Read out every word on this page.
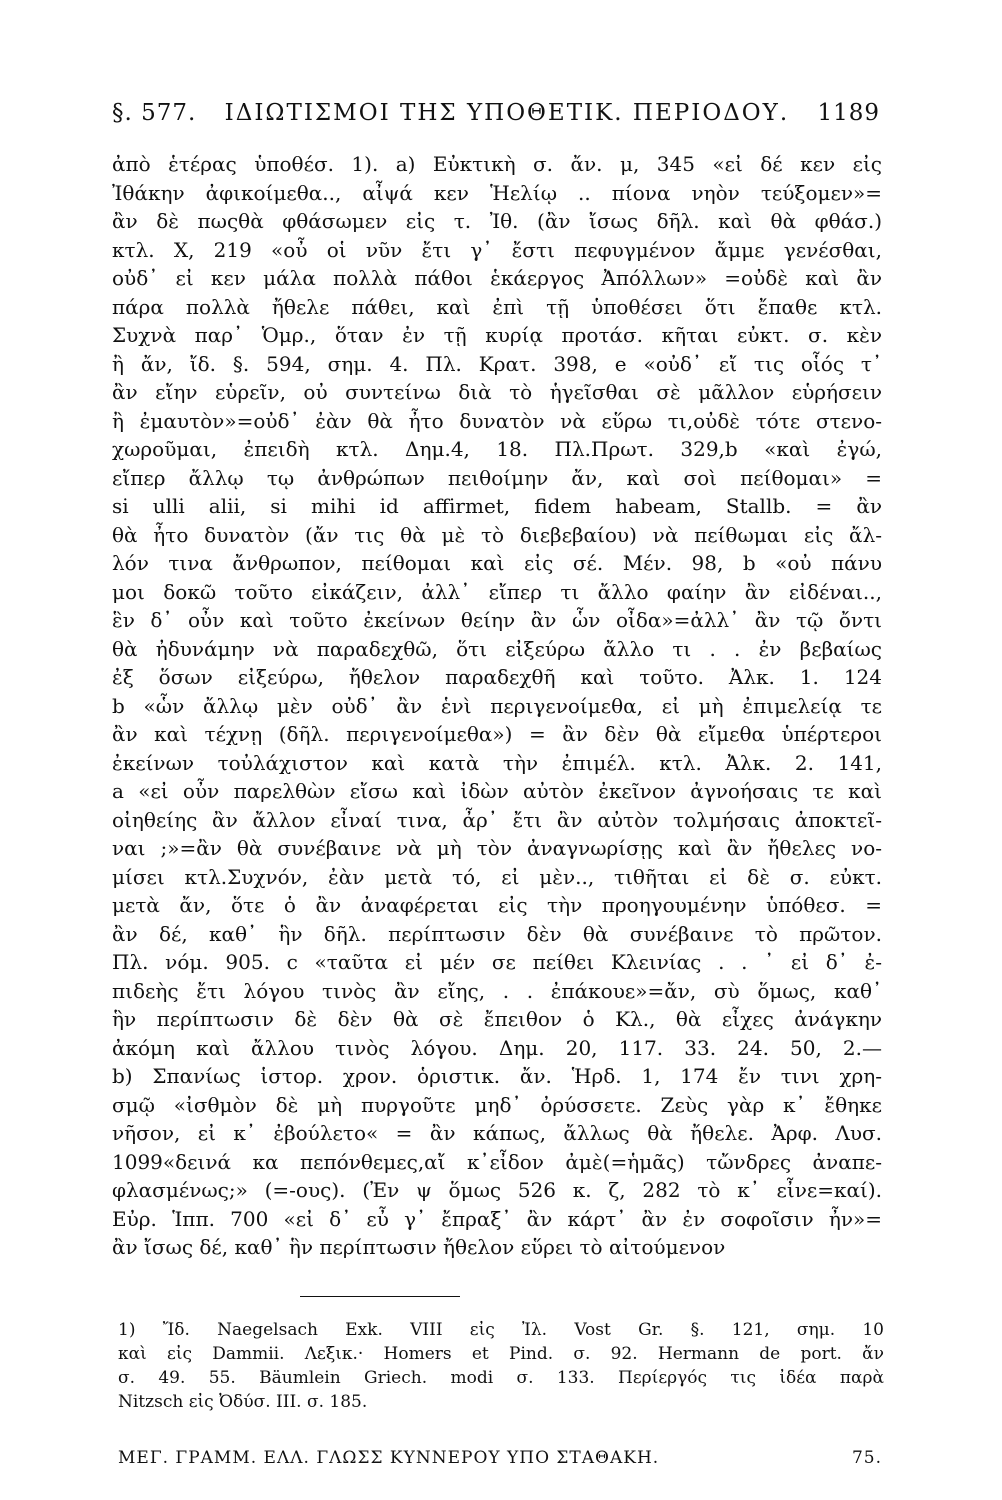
§. 577. ΙΔΙΩΤΙΣΜΟΙ ΤΗΣ ΥΠΟΘΕΤΙΚ. ΠΕΡΙΟΔΟΥ. 1189
ἀπὸ ἑτέρας ὑποθέσ. 1). a) Εὐκτικὴ σ. ἄν. μ, 345 «εἰ δέ κεν εἰς
Ἰθάκην ἀφικοίμεθα.., αἶψά κεν Ἡελίῳ .. πίονα νηὸν τεύξομεν»=
ἂν δὲ πωςθὰ φθάσωμεν εἰς τ. Ἰθ. (ἂν ἴσως δῆλ. καὶ θὰ φθάσ.)
κτλ. Χ, 219 «οὖ οἱ νῦν ἔτι γ᾽ ἔστι πεφυγμένον ἄμμε γενέσθαι,
οὐδ᾽ εἰ κεν μάλα πολλὰ πάθοι ἑκάεργος Ἀπόλλων» =οὐδὲ καὶ ἂν
πάρα πολλὰ ἤθελε πάθει, καὶ ἐπὶ τῇ ὑποθέσει ὅτι ἔπαθε κτλ.
Συχνὰ παρ᾽ Ὁμρ., ὅταν ἐν τῇ κυρίᾳ προτάσ. κῆται εὐκτ. σ. κὲν
ἢ ἄν, ἴδ. §. 594, σημ. 4. Πλ. Κρατ. 398, e «οὐδ᾽ εἴ τις οἷός τ᾽
ἂν εἴην εὑρεῖν, οὐ συντείνω διὰ τὸ ἡγεῖσθαι σὲ μᾶλλον εὑρήσειν
ἢ ἐμαυτὸν»=οὐδ᾽ ἐὰν θὰ ἦτο δυνατὸν νὰ εὕρω τι,οὐδὲ τότε στενο-
χωροῦμαι, ἐπειδὴ κτλ. Δημ.4, 18. Πλ.Πρωτ. 329,b «καὶ ἐγώ,
εἴπερ ἄλλῳ τῳ ἀνθρώπων πειθοίμην ἄν, καὶ σοὶ πείθομαι» =
si ulli alii, si mihi id affirmet, fidem habeam, Stallb. = ἂν
θὰ ἦτο δυνατὸν (ἄν τις θὰ μὲ τὸ διεβεβαίου) νὰ πείθωμαι εἰς ἄλ-
λόν τινα ἄνθρωπον, πείθομαι καὶ εἰς σέ. Μέν. 98, b «οὐ πάνυ
μοι δοκῶ τοῦτο εἰκάζειν, ἀλλ᾽ εἴπερ τι ἄλλο φαίην ἂν εἰδέναι..,
ἓν δ᾽ οὖν καὶ τοῦτο ἐκείνων θείην ἂν ὧν οἶδα»=ἀλλ᾽ ἂν τῷ ὄντι
θὰ ἠδυνάμην νὰ παραδεχθῶ, ὅτι εἰξεύρω ἄλλο τι . . ἐν βεβαίως
ἐξ ὅσων εἰξεύρω, ἤθελον παραδεχθῆ καὶ τοῦτο. Ἀλκ. 1. 124
b «ὧν ἄλλῳ μὲν οὐδ᾽ ἂν ἑνὶ περιγενοίμεθα, εἰ μὴ ἐπιμελείᾳ τε
ἂν καὶ τέχνῃ (δῆλ. περιγενοίμεθα») = ἂν δὲν θὰ εἴμεθα ὑπέρτεροι
ἐκείνων τοὐλάχιστον καὶ κατὰ τὴν ἐπιμέλ. κτλ. Ἀλκ. 2. 141,
a «εἰ οὖν παρελθὼν εἴσω καὶ ἰδὼν αὐτὸν ἐκεῖνον ἀγνοήσαις τε καὶ
οἰηθείης ἂν ἄλλον εἶναί τινα, ἆρ᾽ ἔτι ἂν αὐτὸν τολμήσαις ἀποκτεῖ-
ναι ;»=ἂν θὰ συνέβαινε νὰ μὴ τὸν ἀναγνωρίσῃς καὶ ἂν ἤθελες νο-
μίσει κτλ.Συχνόν, ἐὰν μετὰ τό, εἰ μὲν.., τιθῆται εἰ δὲ σ. εὐκτ.
μετὰ ἄν, ὅτε ὁ ἂν ἀναφέρεται εἰς τὴν προηγουμένην ὑπόθεσ. =
ἂν δέ, καθ᾽ ἣν δῆλ. περίπτωσιν δὲν θὰ συνέβαινε τὸ πρῶτον.
Πλ. νόμ. 905. c «ταῦτα εἰ μέν σε πείθει Κλεινίας . . ᾽ εἰ δ᾽ ἐ-
πιδεὴς ἔτι λόγου τινὸς ἂν εἴης, . . ἐπάκουε»=ἄν, σὺ ὅμως, καθ᾽
ἣν περίπτωσιν δὲ δὲν θὰ σὲ ἔπειθον ὁ Κλ., θὰ εἶχες ἀνάγκην
ἀκόμη καὶ ἄλλου τινὸς λόγου. Δημ. 20, 117. 33. 24. 50, 2.—
b) Σπανίως ἱστορ. χρον. ὁριστικ. ἄν. Ἡρδ. 1, 174 ἔν τινι χρη-
σμῷ «ἰσθμὸν δὲ μὴ πυργοῦτε μηδ᾽ ὀρύσσετε. Ζεὺς γὰρ κ᾽ ἔθηκε
νῆσον, εἰ κ᾽ ἐβούλετο« = ἂν κάπως, ἄλλως θὰ ἤθελε. Ἀρφ. Λυσ.
1099«δεινά κα πεπόνθεμες,αἴ κ᾽εἶδον ἀμὲ(=ἡμᾶς) τὤνδρες ἀναπε-
φλασμένως;» (=-ους). (Ἐν ψ ὅμως 526 κ. ζ, 282 τὸ κ᾽ εἶνε=καί).
Εὐρ. Ἱππ. 700 «εἰ δ᾽ εὖ γ᾽ ἔπραξ᾽ ἂν κάρτ᾽ ἂν ἐν σοφοῖσιν ἦν»=
ἂν ἴσως δέ, καθ᾽ ἣν περίπτωσιν ἤθελον εὕρει τὸ αἰτούμενον
1) Ἴδ. Naegelsach Exk. VIII εἰς Ἰλ. Vost Gr. §. 121, σημ. 10
καὶ εἰς Dammii. Λεξικ.· Homers et Pind. σ. 92. Hermann de port. ἄν
σ. 49. 55. Bäumlein Griech. modi σ. 133. Περίεργός τις ἰδέα παρὰ
Nitzsch εἰς Ὀδύσ. III. σ. 185.
ΜΕΓ. ΓΡΑΜΜ. ΕΛΛ. ΓΛΩΣΣ ΚΥΝΝΕΡΟΥ ΥΠΟ ΣΤΑΘΑΚΗ.	75.
